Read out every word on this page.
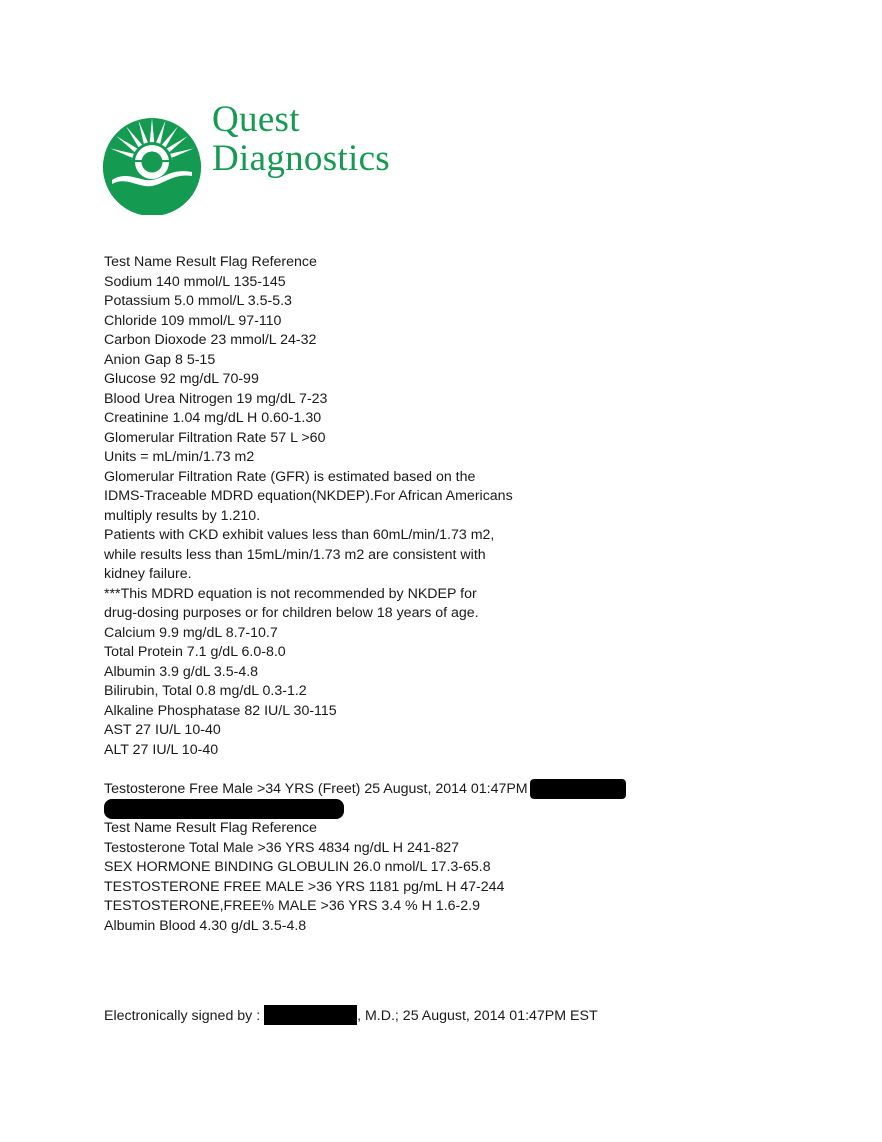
Quest
Diagnostics
Test Name Result Flag Reference
Sodium 140 mmol/L 135-145
Potassium 5.0 mmol/L 3.5-5.3
Chloride 109 mmol/L 97-110
Carbon Dioxode 23 mmol/L 24-32
Anion Gap 8 5-15
Glucose 92 mg/dL 70-99
Blood Urea Nitrogen 19 mg/dL 7-23
Creatinine 1.04 mg/dL H 0.60-1.30
Glomerular Filtration Rate 57 L >60
Units = mL/min/1.73 m2
Glomerular Filtration Rate (GFR) is estimated based on the
IDMS-Traceable MDRD equation(NKDEP).For African Americans
multiply results by 1.210.
Patients with CKD exhibit values less than 60mL/min/1.73 m2,
while results less than 15mL/min/1.73 m2 are consistent with
kidney failure.
***This MDRD equation is not recommended by NKDEP for
drug-dosing purposes or for children below 18 years of age.
Calcium 9.9 mg/dL 8.7-10.7
Total Protein 7.1 g/dL 6.0-8.0
Albumin 3.9 g/dL 3.5-4.8
Bilirubin, Total 0.8 mg/dL 0.3-1.2
Alkaline Phosphatase 82 IU/L 30-115
AST 27 IU/L 10-40
ALT 27 IU/L 10-40
Testosterone Free Male >34 YRS (Freet) 25 August, 2014 01:47PM
Test Name Result Flag Reference
Testosterone Total Male >36 YRS 4834 ng/dL H 241-827
SEX HORMONE BINDING GLOBULIN 26.0 nmol/L 17.3-65.8
TESTOSTERONE FREE MALE >36 YRS 1181 pg/mL H 47-244
TESTOSTERONE,FREE% MALE >36 YRS 3.4 % H 1.6-2.9
Albumin Blood 4.30 g/dL 3.5-4.8
Electronically signed by :	, M.D.; 25 August, 2014 01:47PM EST
